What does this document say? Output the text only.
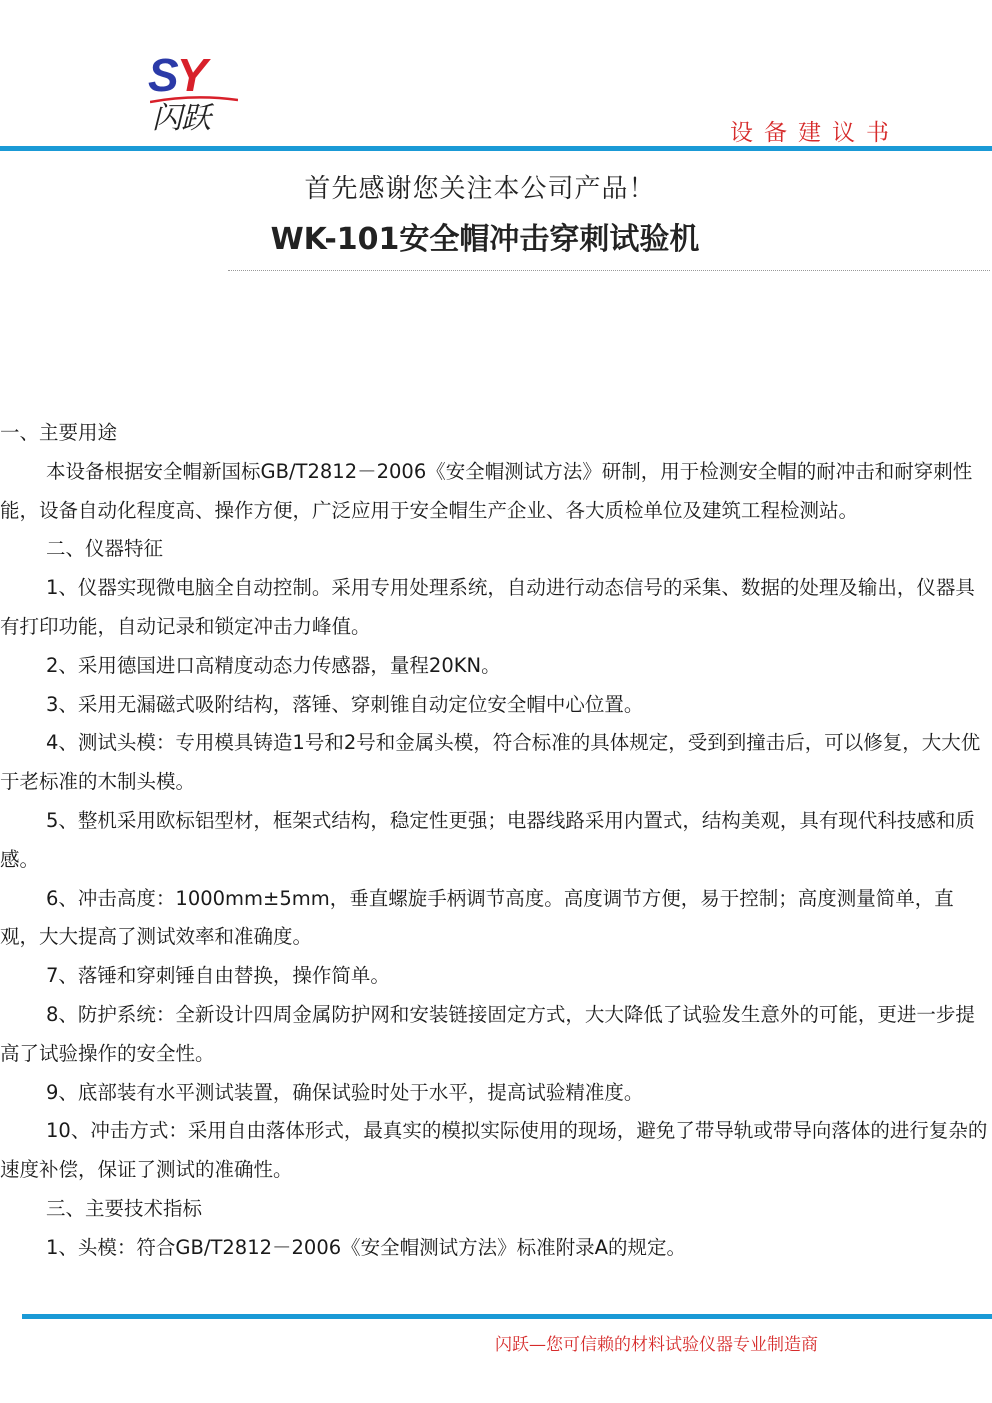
SY
闪跃	设备建议书
首先感谢您关注本公司产品！
WK-101安全帽冲击穿刺试验机

一、主要用途

本设备根据安全帽新国标GB/T2812－2006《安全帽测试方法》研制，用于检测安全帽的耐冲击和耐穿刺性能，设备自动化程度高、操作方便，广泛应用于安全帽生产企业、各大质检单位及建筑工程检测站。

二、仪器特征

1、仪器实现微电脑全自动控制。采用专用处理系统，自动进行动态信号的采集、数据的处理及输出，仪器具有打印功能，自动记录和锁定冲击力峰值。

2、采用德国进口高精度动态力传感器，量程20KN。

3、采用无漏磁式吸附结构，落锤、穿刺锥自动定位安全帽中心位置。

4、测试头模：专用模具铸造1号和2号和金属头模，符合标准的具体规定，受到到撞击后，可以修复，大大优于老标准的木制头模。

5、整机采用欧标铝型材，框架式结构，稳定性更强；电器线路采用内置式，结构美观，具有现代科技感和质感。

6、冲击高度：1000mm±5mm，垂直螺旋手柄调节高度。高度调节方便，易于控制；高度测量简单，直观，大大提高了测试效率和准确度。

7、落锤和穿刺锤自由替换，操作简单。

8、防护系统：全新设计四周金属防护网和安装链接固定方式，大大降低了试验发生意外的可能，更进一步提高了试验操作的安全性。

9、底部装有水平测试装置，确保试验时处于水平，提高试验精准度。

10、冲击方式：采用自由落体形式，最真实的模拟实际使用的现场，避免了带导轨或带导向落体的进行复杂的速度补偿，保证了测试的准确性。

三、主要技术指标

1、头模：符合GB/T2812－2006《安全帽测试方法》标准附录A的规定。

闪跃—您可信赖的材料试验仪器专业制造商
